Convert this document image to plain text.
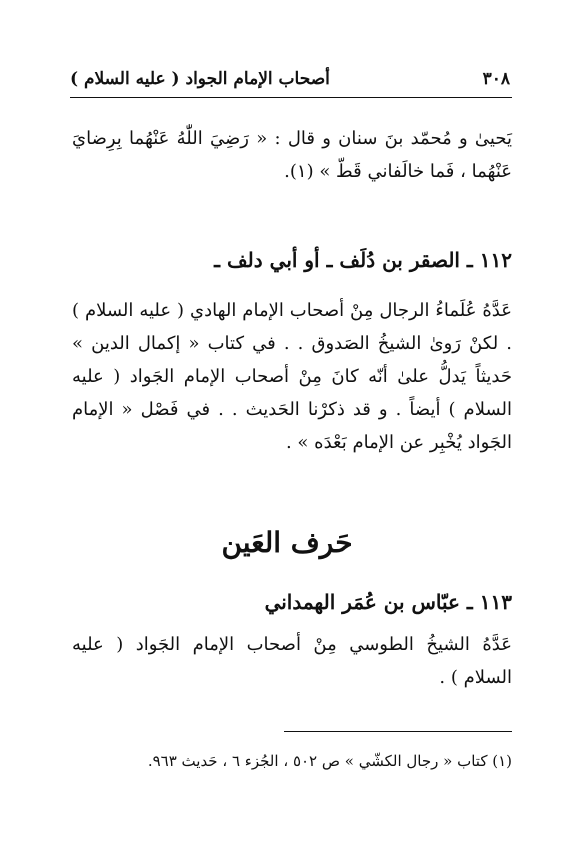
٣٠٨
أصحاب الإمام الجواد ( عليه السلام )
يَحيىٰ و مُحمّد بنَ سنان و قال : « رَضِيَ اللّٰهُ عَنْهُما بِرِضايَ عَنْهُما ، فَما خالَفاني قَطّ » (١).
١١٢ ـ الصقر بن دُلَف ـ أو أبي دلف ـ
عَدَّهُ عُلَماءُ الرجال مِنْ أصحاب الإمام الهادي ( عليه السلام ) . لكنْ رَوىٰ الشيخُ الصَدوق . . في كتاب « إكمال الدين » حَديثاً يَدلُّ علىٰ أنّه كانَ مِنْ أصحاب الإمام الجَواد ( عليه السلام ) أيضاً . و قد ذكرْنا الحَديث . . في فَصْل « الإمام الجَواد يُخْبِر عن الإمام بَعْدَه » .
حَرف العَين
١١٣ ـ عبّاس بن عُمَر الهمداني
عَدَّهُ الشيخُ الطوسي مِنْ أصحاب الإمام الجَواد ( عليه السلام ) .
(١) كتاب « رجال الكشّي » ص ٥٠٢ ، الجُزء ٦ ، حَديث ٩٦٣.
